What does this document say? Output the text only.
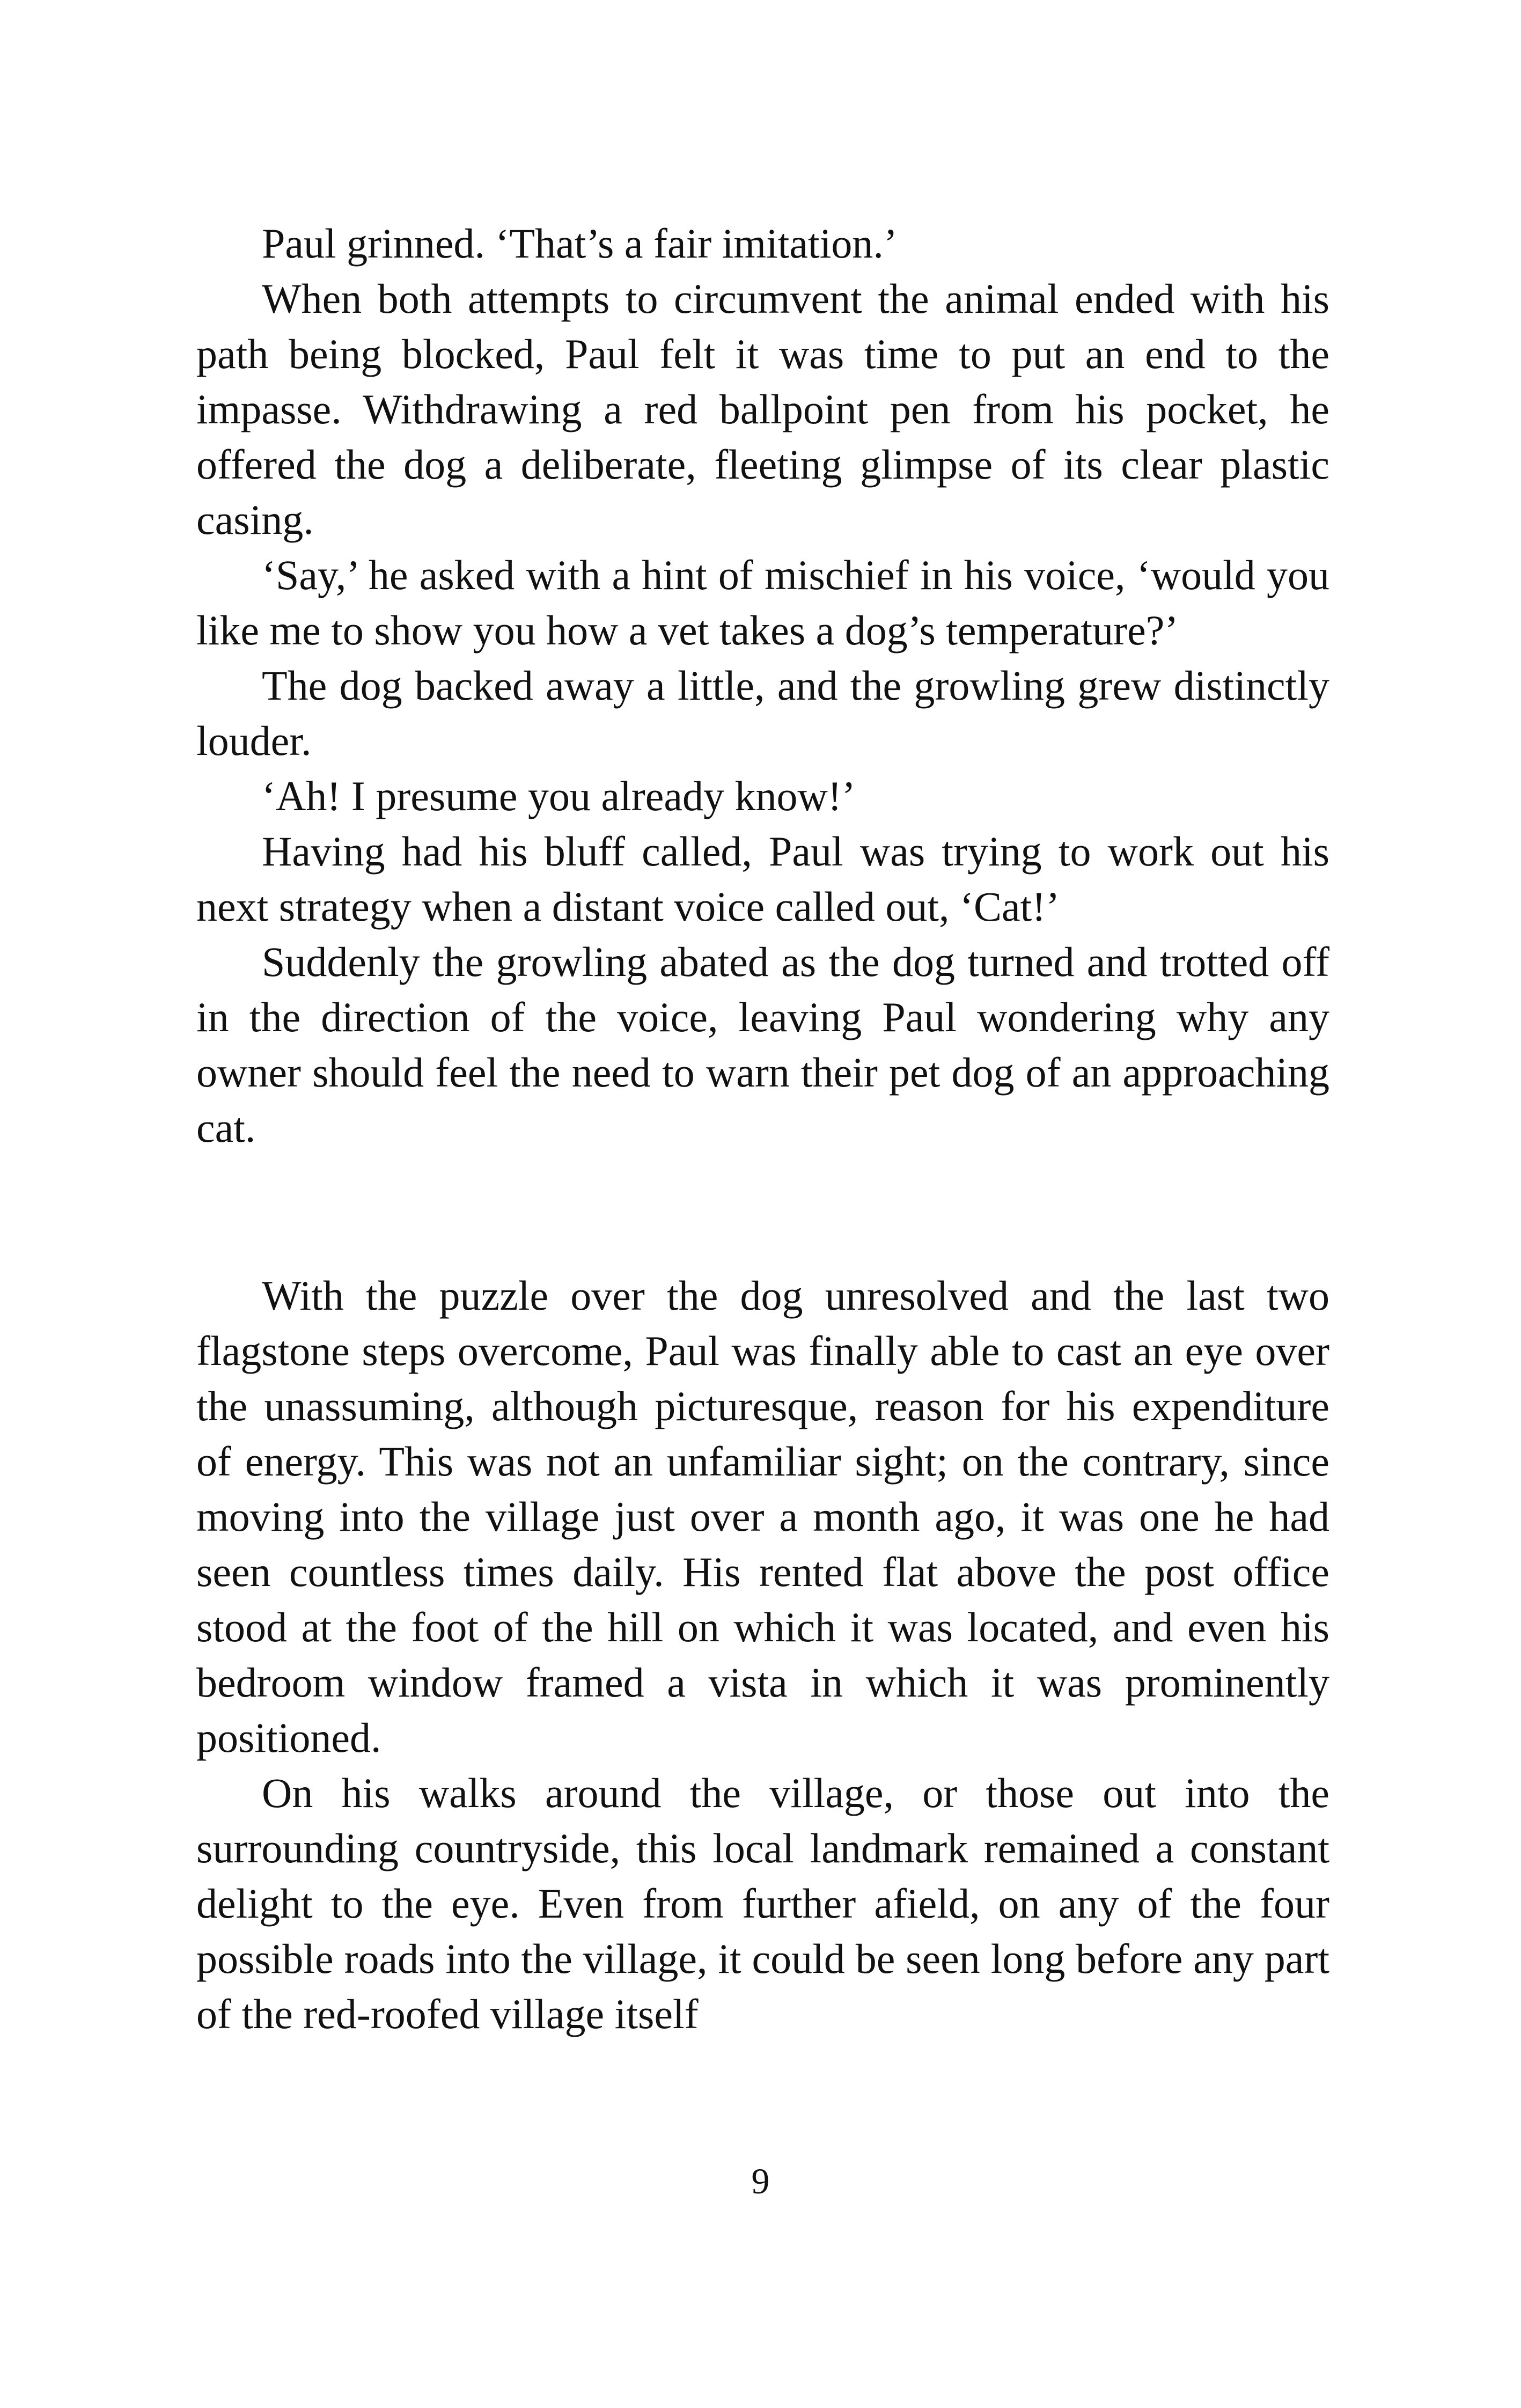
Paul grinned. ‘That’s a fair imitation.’

When both attempts to circumvent the animal ended with his path being blocked, Paul felt it was time to put an end to the impasse. Withdrawing a red ballpoint pen from his pocket, he offered the dog a deliberate, fleeting glimpse of its clear plastic casing.

‘Say,’ he asked with a hint of mischief in his voice, ‘would you like me to show you how a vet takes a dog’s temperature?’

The dog backed away a little, and the growling grew distinctly louder.

‘Ah! I presume you already know!’

Having had his bluff called, Paul was trying to work out his next strategy when a distant voice called out, ‘Cat!’

Suddenly the growling abated as the dog turned and trotted off in the direction of the voice, leaving Paul wondering why any owner should feel the need to warn their pet dog of an approaching cat.

With the puzzle over the dog unresolved and the last two flagstone steps overcome, Paul was finally able to cast an eye over the unassuming, although picturesque, reason for his expenditure of energy. This was not an unfamiliar sight; on the contrary, since moving into the village just over a month ago, it was one he had seen countless times daily. His rented flat above the post office stood at the foot of the hill on which it was located, and even his bedroom window framed a vista in which it was prominently positioned.

On his walks around the village, or those out into the surrounding countryside, this local landmark remained a constant delight to the eye. Even from further afield, on any of the four possible roads into the village, it could be seen long before any part of the red-roofed village itself

9
